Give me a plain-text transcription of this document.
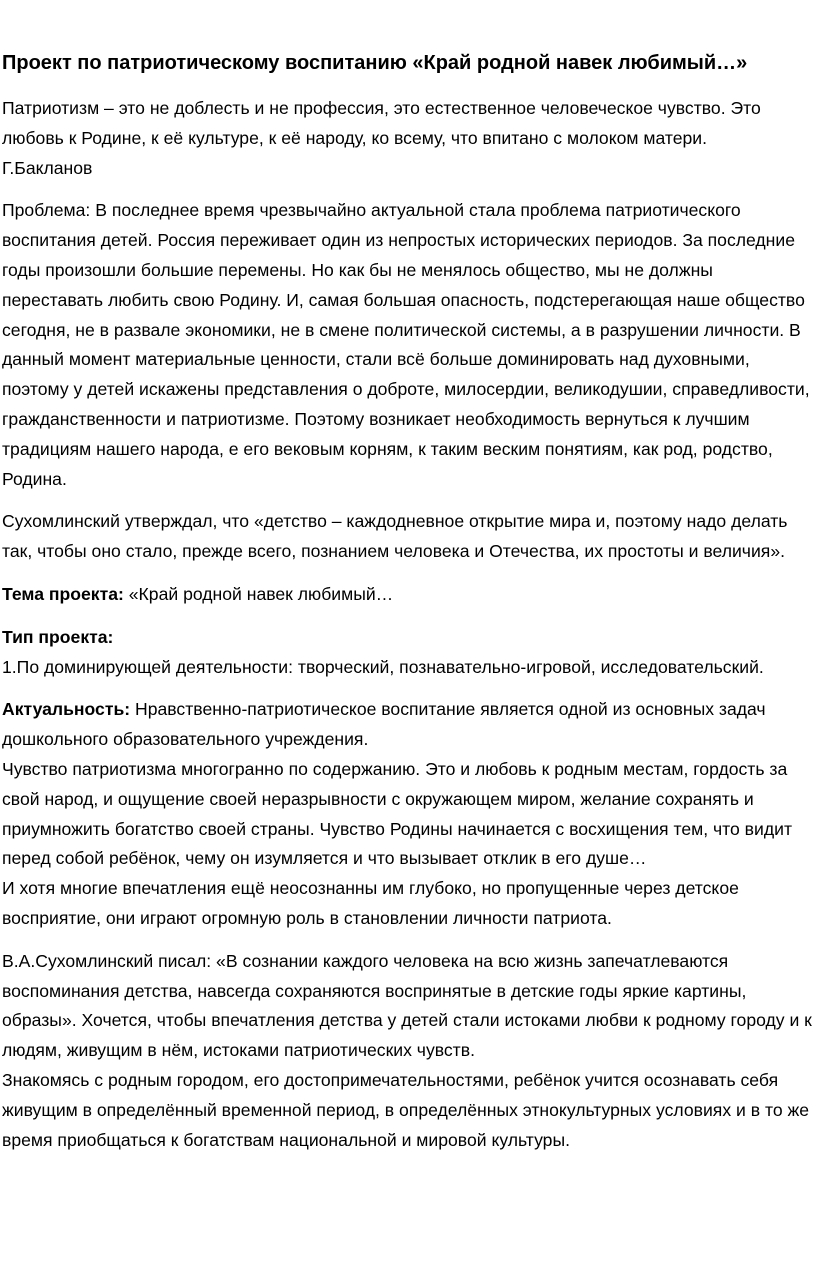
Проект по патриотическому воспитанию «Край родной навек любимый…»

Патриотизм – это не доблесть и не профессия, это естественное человеческое чувство. Это любовь к Родине, к её культуре, к её народу, ко всему, что впитано с молоком матери.

Г.Бакланов

Проблема: В последнее время чрезвычайно актуальной стала проблема патриотического воспитания детей. Россия переживает один из непростых исторических периодов. За последние годы произошли большие перемены. Но как бы не менялось общество, мы не должны переставать любить свою Родину. И, самая большая опасность, подстерегающая наше общество сегодня, не в развале экономики, не в смене политической системы, а в разрушении личности. В данный момент материальные ценности, стали всё больше доминировать над духовными, поэтому у детей искажены представления о доброте, милосердии, великодушии, справедливости, гражданственности и патриотизме. Поэтому возникает необходимость вернуться к лучшим традициям нашего народа, е его вековым корням, к таким веским понятиям, как род, родство, Родина.

Сухомлинский утверждал, что «детство – каждодневное открытие мира и, поэтому надо делать так, чтобы оно стало, прежде всего, познанием человека и Отечества, их простоты и величия».

Тема проекта: «Край родной навек любимый…

Тип проекта:

1.По доминирующей деятельности: творческий, познавательно-игровой, исследовательский.

Актуальность: Нравственно-патриотическое воспитание является одной из основных задач дошкольного образовательного учреждения.

Чувство патриотизма многогранно по содержанию. Это и любовь к родным местам, гордость за свой народ, и ощущение своей неразрывности с окружающем миром, желание сохранять и приумножить богатство своей страны. Чувство Родины начинается с восхищения тем, что видит перед собой ребёнок, чему он изумляется и что вызывает отклик в его душе…

И хотя многие впечатления ещё неосознанны им глубоко, но пропущенные через детское восприятие, они играют огромную роль в становлении личности патриота.

В.А.Сухомлинский писал: «В сознании каждого человека на всю жизнь запечатлеваются воспоминания детства, навсегда сохраняются воспринятые в детские годы яркие картины, образы». Хочется, чтобы впечатления детства у детей стали истоками любви к родному городу и к людям, живущим в нём, истоками патриотических чувств.

Знакомясь с родным городом, его достопримечательностями, ребёнок учится осознавать себя живущим в определённый временной период, в определённых этнокультурных условиях и в то же время приобщаться к богатствам национальной и мировой культуры.
